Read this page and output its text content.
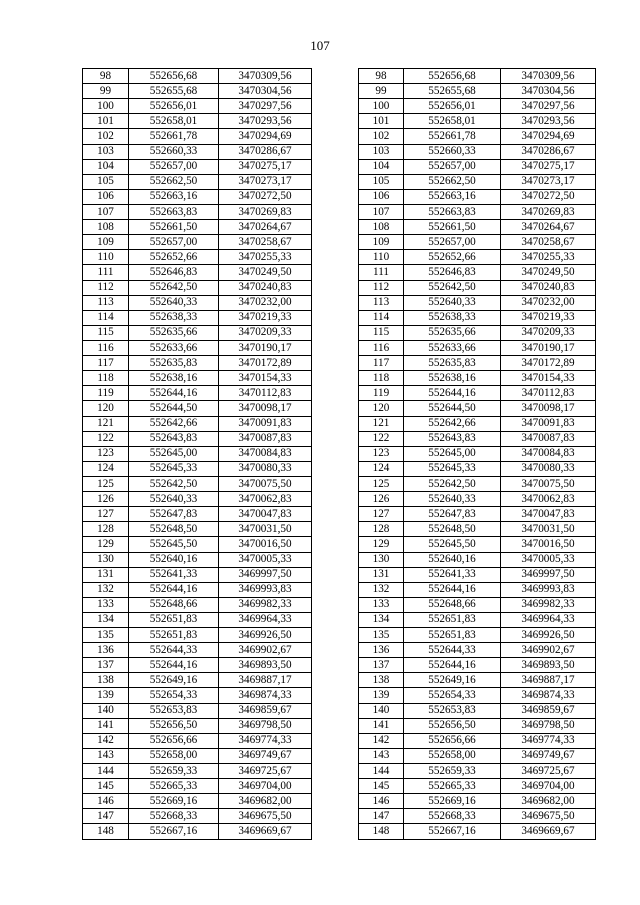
107
98	552656,68	3470309,56		98	552656,68	3470309,56
99	552655,68	3470304,56		99	552655,68	3470304,56
100	552656,01	3470297,56		100	552656,01	3470297,56
101	552658,01	3470293,56		101	552658,01	3470293,56
102	552661,78	3470294,69		102	552661,78	3470294,69
103	552660,33	3470286,67		103	552660,33	3470286,67
104	552657,00	3470275,17		104	552657,00	3470275,17
105	552662,50	3470273,17		105	552662,50	3470273,17
106	552663,16	3470272,50		106	552663,16	3470272,50
107	552663,83	3470269,83		107	552663,83	3470269,83
108	552661,50	3470264,67		108	552661,50	3470264,67
109	552657,00	3470258,67		109	552657,00	3470258,67
110	552652,66	3470255,33		110	552652,66	3470255,33
111	552646,83	3470249,50		111	552646,83	3470249,50
112	552642,50	3470240,83		112	552642,50	3470240,83
113	552640,33	3470232,00		113	552640,33	3470232,00
114	552638,33	3470219,33		114	552638,33	3470219,33
115	552635,66	3470209,33		115	552635,66	3470209,33
116	552633,66	3470190,17		116	552633,66	3470190,17
117	552635,83	3470172,89		117	552635,83	3470172,89
118	552638,16	3470154,33		118	552638,16	3470154,33
119	552644,16	3470112,83		119	552644,16	3470112,83
120	552644,50	3470098,17		120	552644,50	3470098,17
121	552642,66	3470091,83		121	552642,66	3470091,83
122	552643,83	3470087,83		122	552643,83	3470087,83
123	552645,00	3470084,83		123	552645,00	3470084,83
124	552645,33	3470080,33		124	552645,33	3470080,33
125	552642,50	3470075,50		125	552642,50	3470075,50
126	552640,33	3470062,83		126	552640,33	3470062,83
127	552647,83	3470047,83		127	552647,83	3470047,83
128	552648,50	3470031,50		128	552648,50	3470031,50
129	552645,50	3470016,50		129	552645,50	3470016,50
130	552640,16	3470005,33		130	552640,16	3470005,33
131	552641,33	3469997,50		131	552641,33	3469997,50
132	552644,16	3469993,83		132	552644,16	3469993,83
133	552648,66	3469982,33		133	552648,66	3469982,33
134	552651,83	3469964,33		134	552651,83	3469964,33
135	552651,83	3469926,50		135	552651,83	3469926,50
136	552644,33	3469902,67		136	552644,33	3469902,67
137	552644,16	3469893,50		137	552644,16	3469893,50
138	552649,16	3469887,17		138	552649,16	3469887,17
139	552654,33	3469874,33		139	552654,33	3469874,33
140	552653,83	3469859,67		140	552653,83	3469859,67
141	552656,50	3469798,50		141	552656,50	3469798,50
142	552656,66	3469774,33		142	552656,66	3469774,33
143	552658,00	3469749,67		143	552658,00	3469749,67
144	552659,33	3469725,67		144	552659,33	3469725,67
145	552665,33	3469704,00		145	552665,33	3469704,00
146	552669,16	3469682,00		146	552669,16	3469682,00
147	552668,33	3469675,50		147	552668,33	3469675,50
148	552667,16	3469669,67		148	552667,16	3469669,67
